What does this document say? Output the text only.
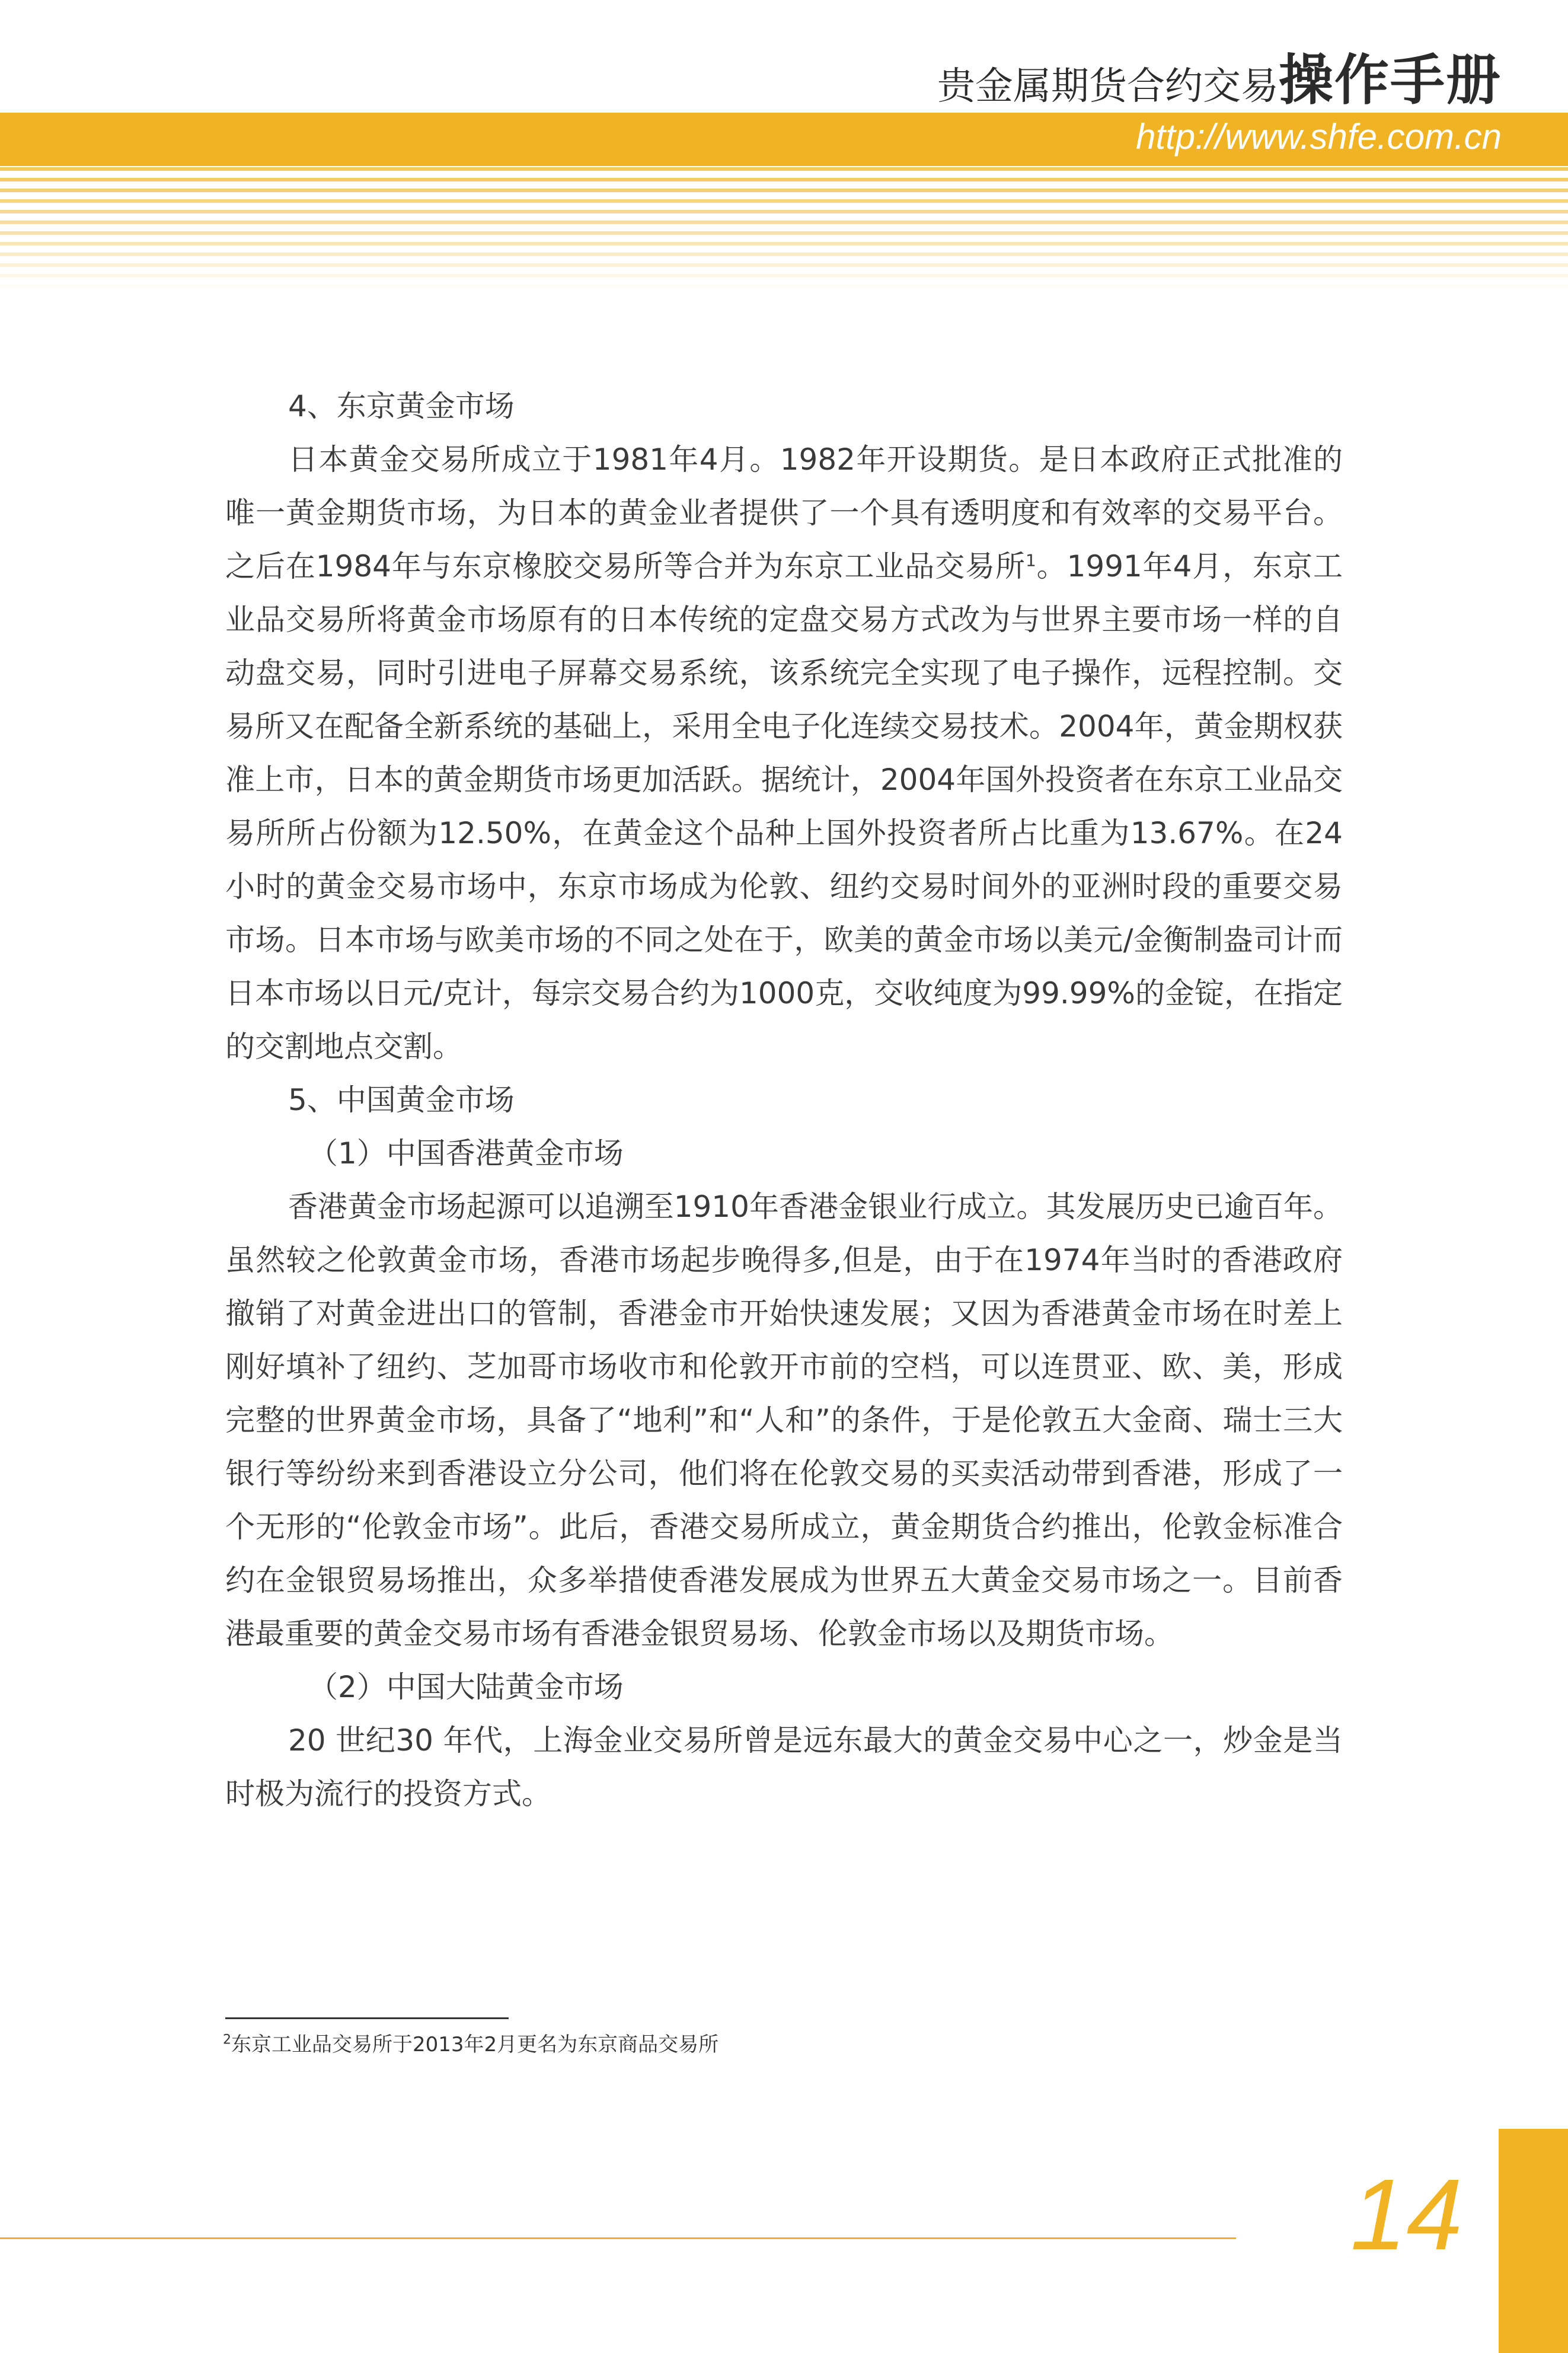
贵金属期货合约交易操作手册
http://www.shfe.com.cn

4、东京黄金市场

日本黄金交易所成立于1981年4月。1982年开设期货。是日本政府正式批准的唯一黄金期货市场，为日本的黄金业者提供了一个具有透明度和有效率的交易平台。之后在1984年与东京橡胶交易所等合并为东京工业品交易所$^1$。1991年4月，东京工业品交易所将黄金市场原有的日本传统的定盘交易方式改为与世界主要市场一样的自动盘交易，同时引进电子屏幕交易系统，该系统完全实现了电子操作，远程控制。交易所又在配备全新系统的基础上，采用全电子化连续交易技术。2004年，黄金期权获准上市，日本的黄金期货市场更加活跃。据统计，2004年国外投资者在东京工业品交易所所占份额为12.50%，在黄金这个品种上国外投资者所占比重为13.67%。在24小时的黄金交易市场中，东京市场成为伦敦、纽约交易时间外的亚洲时段的重要交易市场。日本市场与欧美市场的不同之处在于，欧美的黄金市场以美元/金衡制盎司计而日本市场以日元/克计，每宗交易合约为1000克，交收纯度为99.99%的金锭，在指定的交割地点交割。

5、中国黄金市场

（1）中国香港黄金市场

香港黄金市场起源可以追溯至1910年香港金银业行成立。其发展历史已逾百年。虽然较之伦敦黄金市场，香港市场起步晚得多,但是，由于在1974年当时的香港政府撤销了对黄金进出口的管制，香港金市开始快速发展；又因为香港黄金市场在时差上刚好填补了纽约、芝加哥市场收市和伦敦开市前的空档，可以连贯亚、欧、美，形成完整的世界黄金市场，具备了“地利”和“人和”的条件，于是伦敦五大金商、瑞士三大银行等纷纷来到香港设立分公司，他们将在伦敦交易的买卖活动带到香港，形成了一个无形的“伦敦金市场”。此后，香港交易所成立，黄金期货合约推出，伦敦金标准合约在金银贸易场推出，众多举措使香港发展成为世界五大黄金交易市场之一。目前香港最重要的黄金交易市场有香港金银贸易场、伦敦金市场以及期货市场。

（2）中国大陆黄金市场

20 世纪30 年代，上海金业交易所曾是远东最大的黄金交易中心之一，炒金是当时极为流行的投资方式。

$^2$东京工业品交易所于2013年2月更名为东京商品交易所
14
